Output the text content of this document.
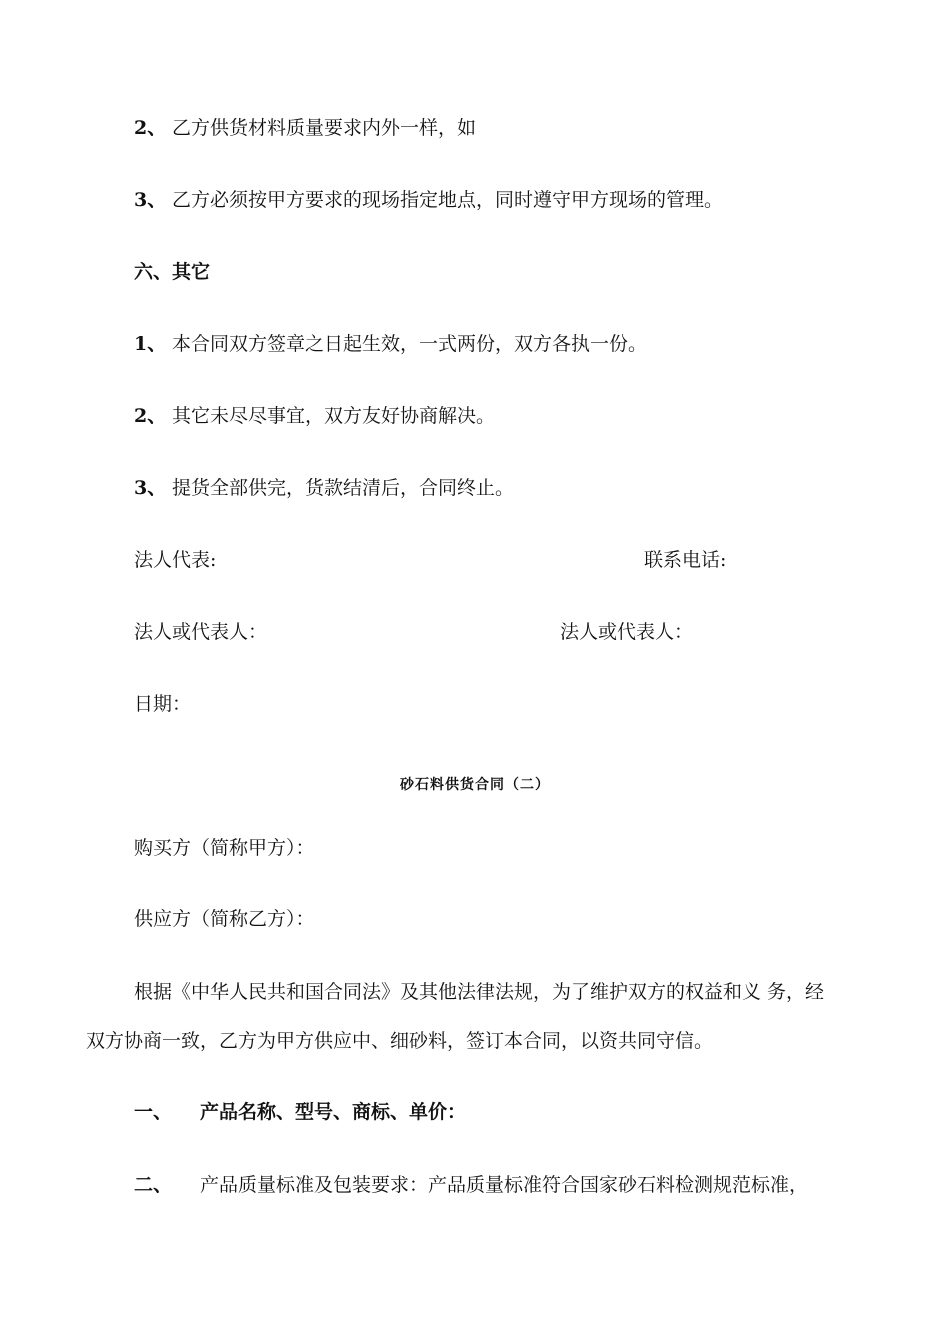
2、 乙方供货材料质量要求内外一样，如
3、 乙方必须按甲方要求的现场指定地点，同时遵守甲方现场的管理。
六、其它
1、 本合同双方签章之日起生效，一式两份，双方各执一份。
2、 其它未尽尽事宜，双方友好协商解决。
3、 提货全部供完，货款结清后，合同终止。
法人代表:	联系电话:
法人或代表人：	法人或代表人：
日期：
砂石料供货合同（二）
购买方（简称甲方）：
供应方（简称乙方）：
根据《中华人民共和国合同法》及其他法律法规，为了维护双方的权益和义 务，经
双方协商一致，乙方为甲方供应中、细砂料，签订本合同，以资共同守信。
一、 产品名称、型号、商标、单价：
二、 产品质量标准及包装要求：产品质量标准符合国家砂石料检测规范标准，
